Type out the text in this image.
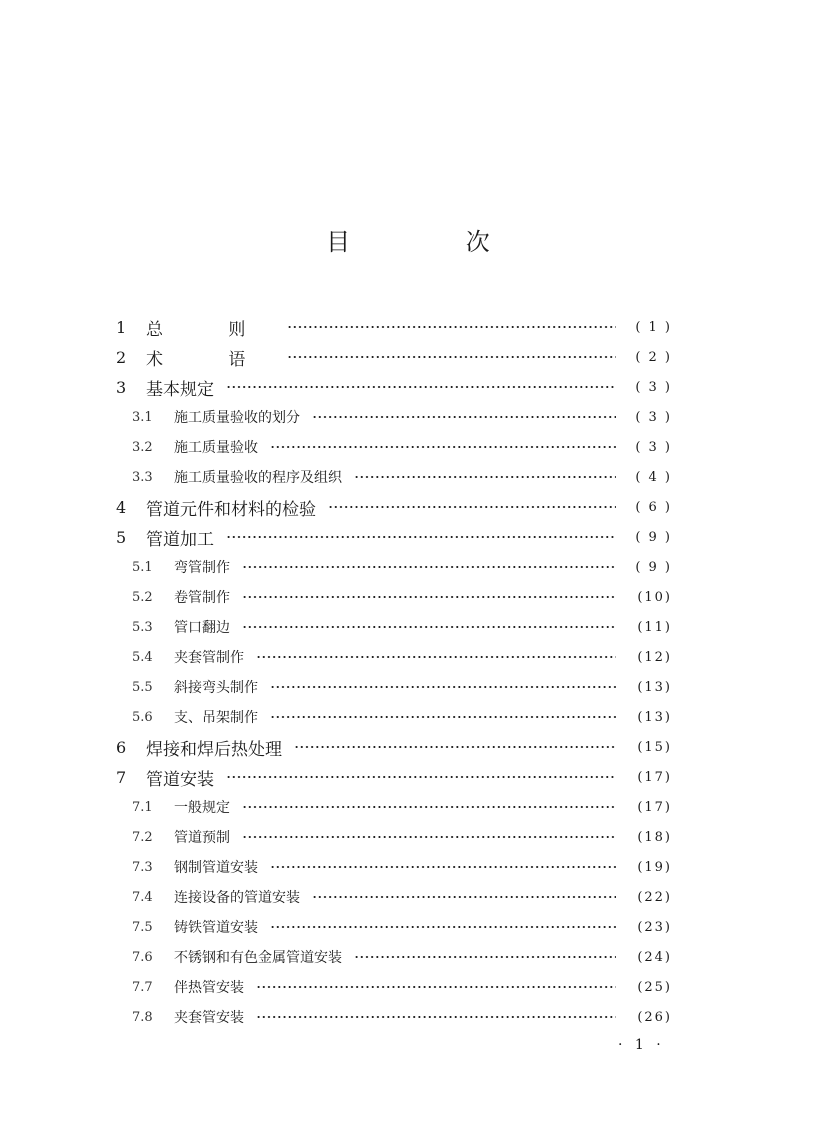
目 次
1	总 则	( 1 )
2	术 语	( 2 )
3	基本规定	( 3 )
3.1	施工质量验收的划分	( 3 )
3.2	施工质量验收	( 3 )
3.3	施工质量验收的程序及组织	( 4 )
4	管道元件和材料的检验	( 6 )
5	管道加工	( 9 )
5.1	弯管制作	( 9 )
5.2	卷管制作	(10)
5.3	管口翻边	(11)
5.4	夹套管制作	(12)
5.5	斜接弯头制作	(13)
5.6	支、吊架制作	(13)
6	焊接和焊后热处理	(15)
7	管道安装	(17)
7.1	一般规定	(17)
7.2	管道预制	(18)
7.3	钢制管道安装	(19)
7.4	连接设备的管道安装	(22)
7.5	铸铁管道安装	(23)
7.6	不锈钢和有色金属管道安装	(24)
7.7	伴热管安装	(25)
7.8	夹套管安装	(26)
· 1 ·
